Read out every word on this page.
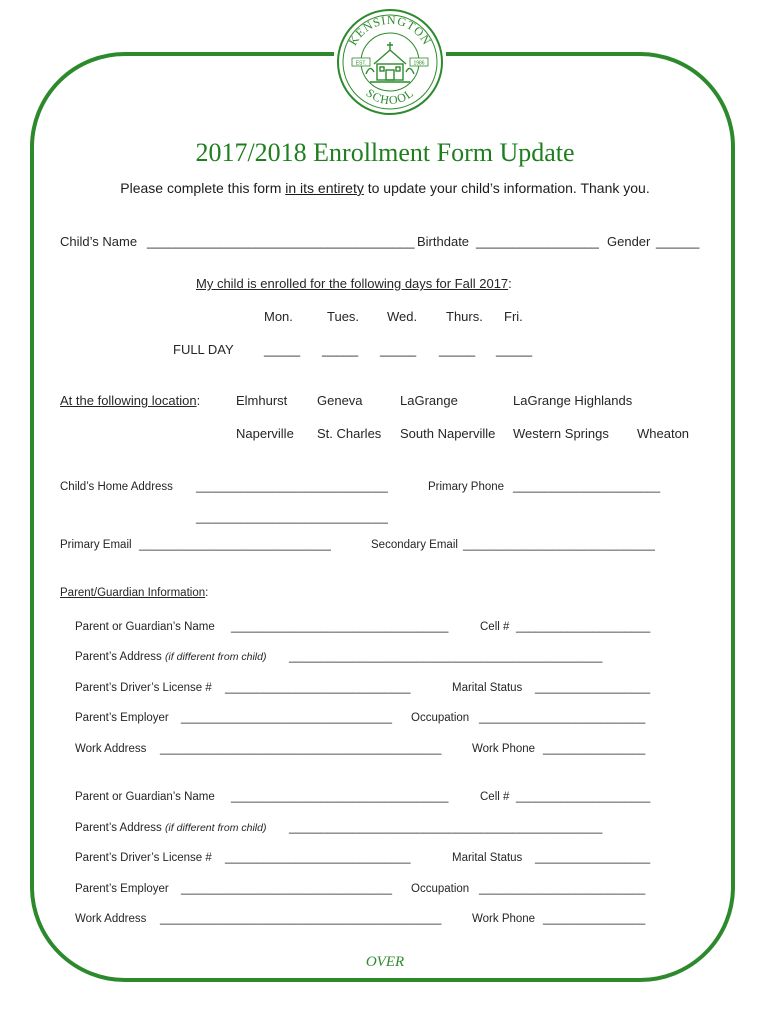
KENSINGTON
SCHOOL
EST.	1986
2017/2018 Enrollment Form Update
Please complete this form in its entirety to update your child’s information. Thank you.
Child’s Name _____________________________________ Birthdate _________________ Gender ______
My child is enrolled for the following days for Fall 2017:
Mon.	Tues. Wed. Thurs. Fri.
FULL DAY _____ _____ _____ _____ _____
At the following location:	Elmhurst Geneva	LaGrange	LaGrange Highlands
Naperville St. Charles South Naperville Western Springs Wheaton
Child’s Home Address ______________________________	Primary Phone _______________________
______________________________
Primary Email ______________________________	Secondary Email ______________________________
Parent/Guardian Information:
Parent or Guardian’s Name __________________________________	Cell # _____________________
Parent’s Address (if different from child) _________________________________________________
Parent’s Driver’s License # _____________________________	Marital Status __________________
Parent’s Employer _________________________________ Occupation __________________________
Work Address ____________________________________________	Work Phone ________________
Parent or Guardian’s Name __________________________________	Cell # _____________________
Parent’s Address (if different from child) _________________________________________________
Parent’s Driver’s License # _____________________________	Marital Status __________________
Parent’s Employer _________________________________ Occupation __________________________
Work Address ____________________________________________	Work Phone ________________
OVER
